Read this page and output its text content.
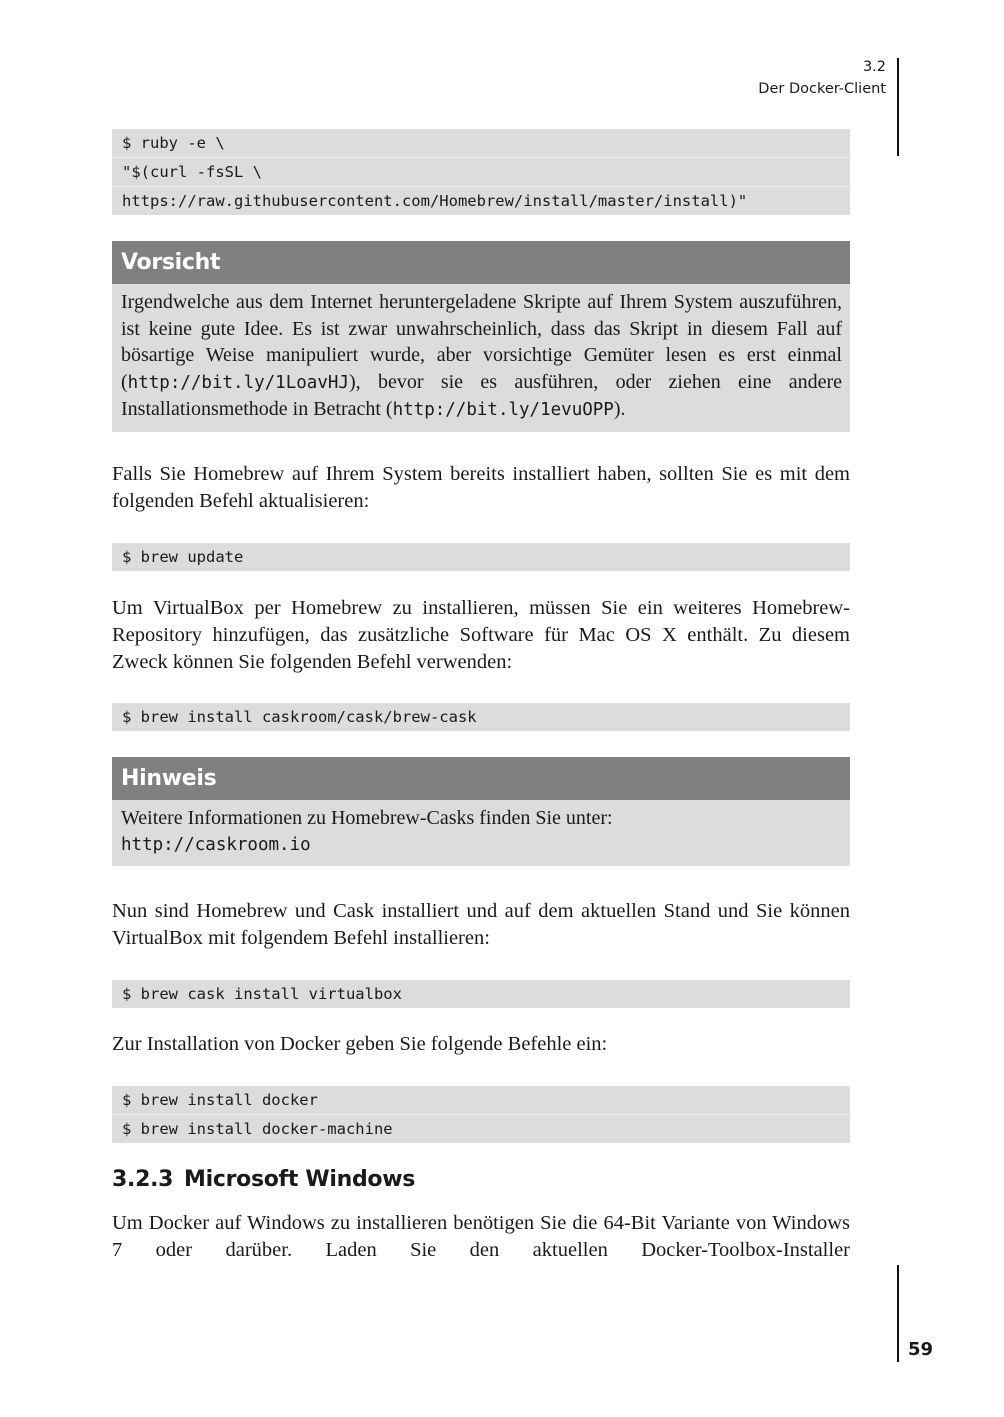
3.2
Der Docker-Client
$ ruby -e \
"$(curl -fsSL \
https://raw.githubusercontent.com/Homebrew/install/master/install)"
Vorsicht
Irgendwelche aus dem Internet heruntergeladene Skripte auf Ihrem System auszuführen, ist keine gute Idee. Es ist zwar unwahrscheinlich, dass das Skript in diesem Fall auf bösartige Weise manipuliert wurde, aber vorsichtige Gemüter lesen es erst einmal (http://bit.ly/1LoavHJ), bevor sie es ausführen, oder ziehen eine andere Installationsmethode in Betracht (http://bit.ly/1evuOPP).
Falls Sie Homebrew auf Ihrem System bereits installiert haben, sollten Sie es mit dem folgenden Befehl aktualisieren:
$ brew update
Um VirtualBox per Homebrew zu installieren, müssen Sie ein weiteres Homebrew-Repository hinzufügen, das zusätzliche Software für Mac OS X enthält. Zu diesem Zweck können Sie folgenden Befehl verwenden:
$ brew install caskroom/cask/brew-cask
Hinweis
Weitere Informationen zu Homebrew-Casks finden Sie unter:
http://caskroom.io
Nun sind Homebrew und Cask installiert und auf dem aktuellen Stand und Sie können VirtualBox mit folgendem Befehl installieren:
$ brew cask install virtualbox
Zur Installation von Docker geben Sie folgende Befehle ein:
$ brew install docker
$ brew install docker-machine
3.2.3 Microsoft Windows
Um Docker auf Windows zu installieren benötigen Sie die 64-Bit Variante von Windows 7 oder darüber. Laden Sie den aktuellen Docker-Toolbox-Installer
59
